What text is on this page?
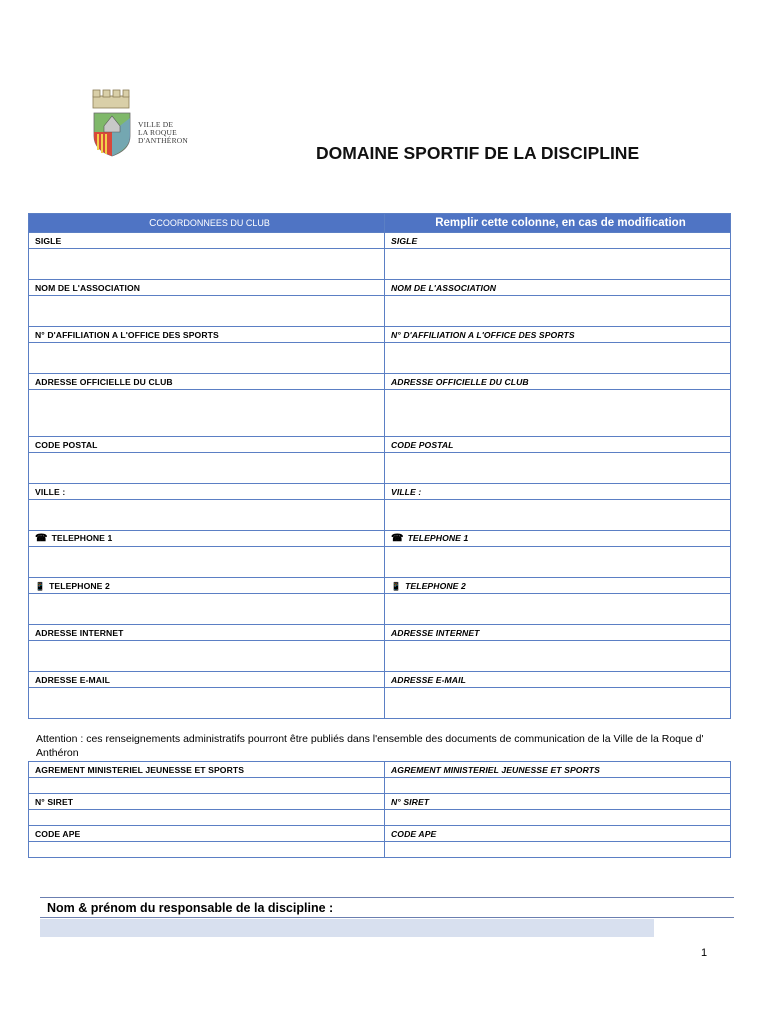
VILLE DE
LA ROQUE
D'ANTHÉRON
DOMAINE SPORTIF DE LA DISCIPLINE
CCOORDONNEES DU CLUB	Remplir cette colonne, en cas de modification
SIGLE	SIGLE

NOM DE L'ASSOCIATION	NOM DE L'ASSOCIATION

N° D'AFFILIATION A L'OFFICE DES SPORTS	N° D'AFFILIATION A L'OFFICE DES SPORTS

ADRESSE OFFICIELLE DU CLUB	ADRESSE OFFICIELLE DU CLUB

CODE POSTAL	CODE POSTAL

VILLE :	VILLE :

☎ TELEPHONE 1	☎ TELEPHONE 1

📱 TELEPHONE 2	📱 TELEPHONE 2

ADRESSE INTERNET	ADRESSE INTERNET

ADRESSE E-MAIL	ADRESSE E-MAIL

Attention : ces renseignements administratifs pourront être publiés dans l'ensemble des documents de communication de la Ville de la Roque d' Anthéron
AGREMENT MINISTERIEL JEUNESSE ET SPORTS	AGREMENT MINISTERIEL JEUNESSE ET SPORTS

N° SIRET	N° SIRET

CODE APE	CODE APE

Nom & prénom du responsable de la discipline :
1
